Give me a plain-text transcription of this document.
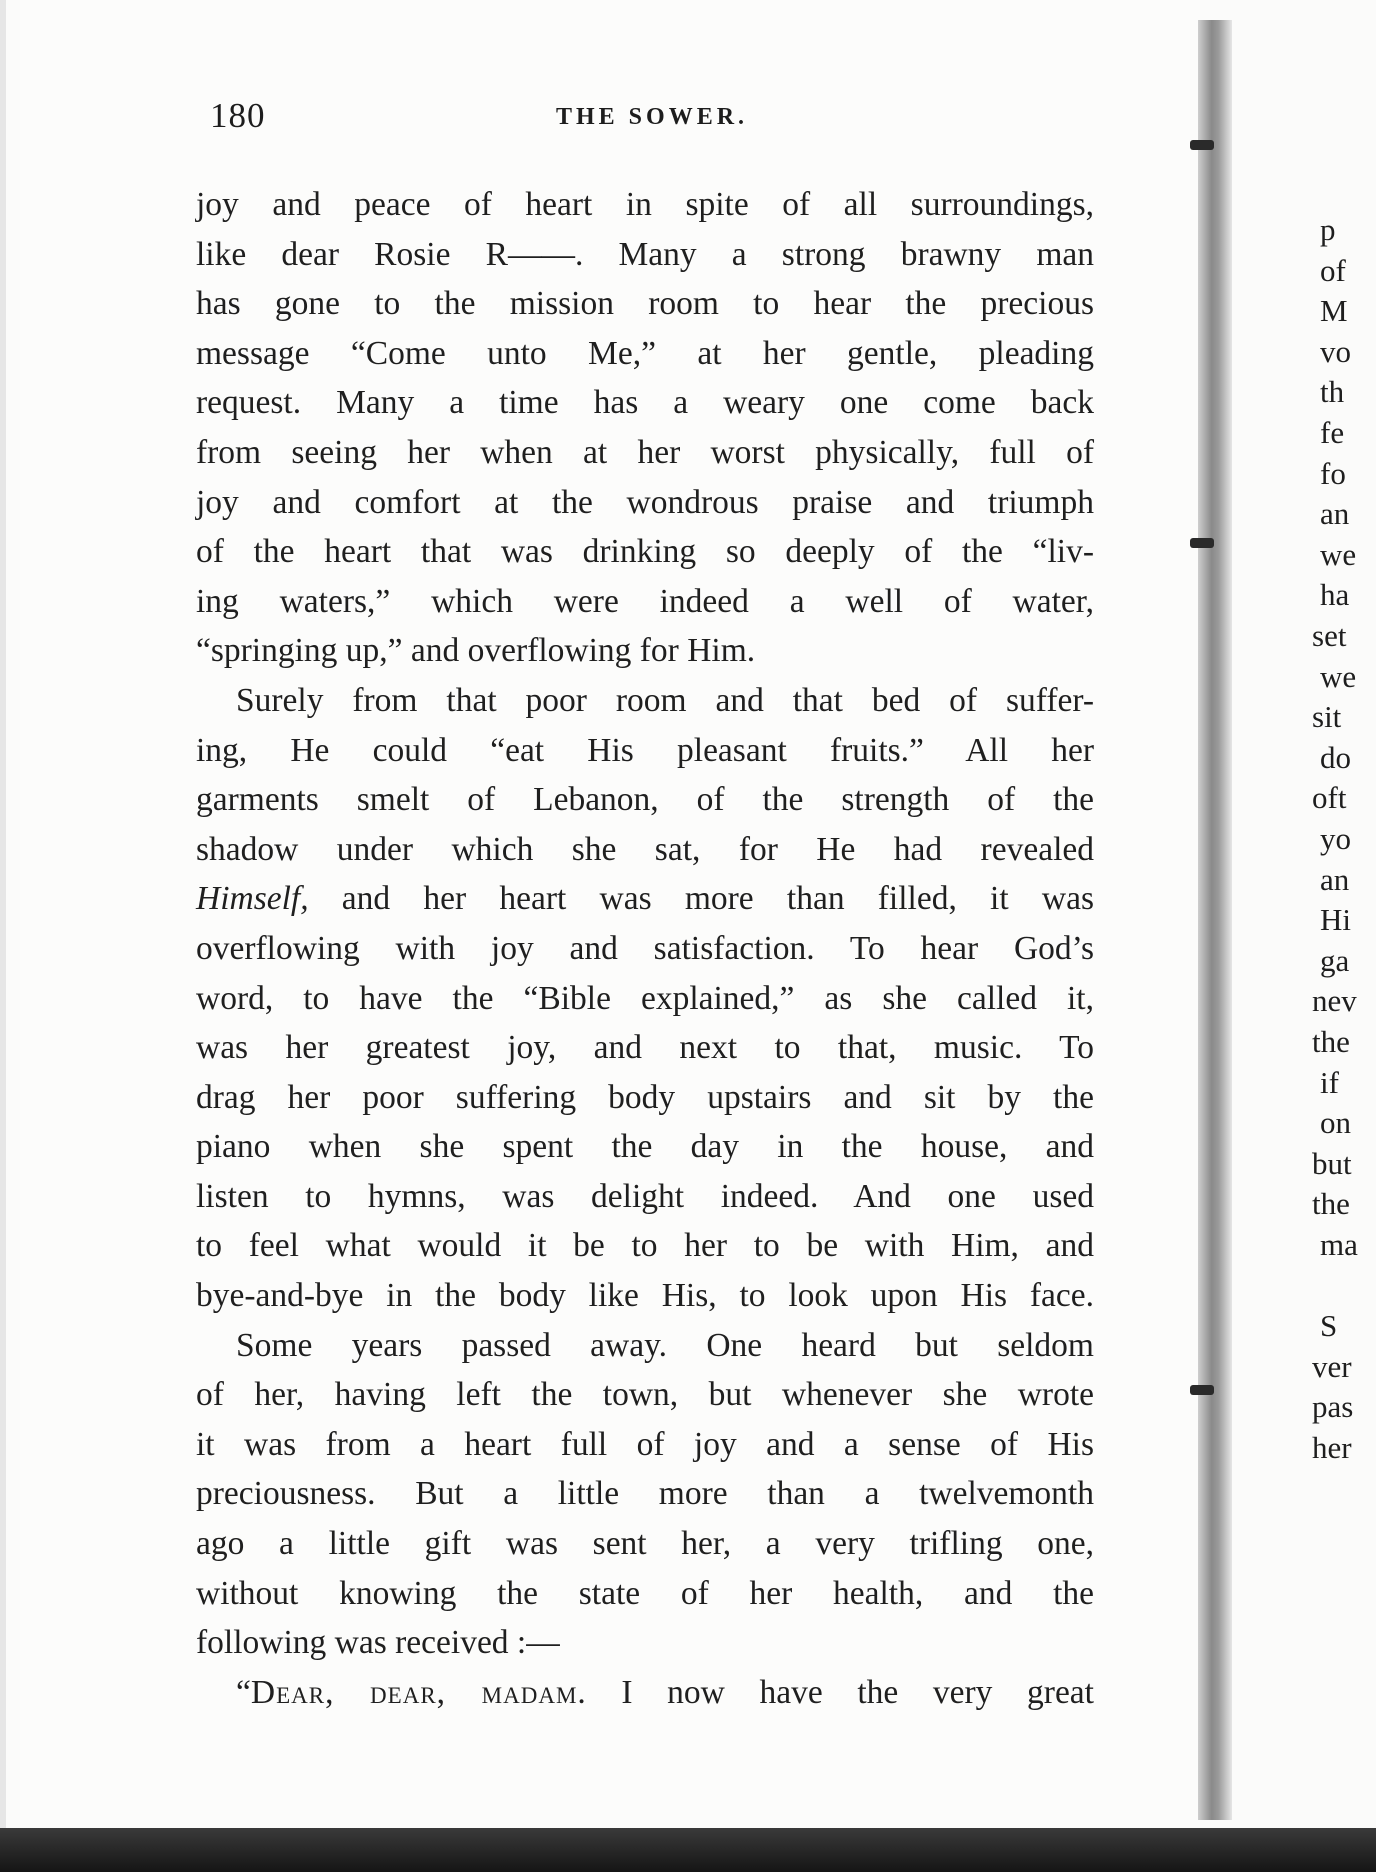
p
of
M
vo
th
fe
fo
an
we
ha
set
we
sit
do
oft
yo
an
Hi
ga
nev
the
if
on
but
the
ma
S
ver
pas
her
180	THE SOWER.
joy and peace of heart in spite of all surroundings,
like dear Rosie R——. Many a strong brawny man
has gone to the mission room to hear the precious
message “Come unto Me,” at her gentle, pleading
request. Many a time has a weary one come back
from seeing her when at her worst physically, full of
joy and comfort at the wondrous praise and triumph
of the heart that was drinking so deeply of the “liv-
ing waters,” which were indeed a well of water,
“springing up,” and overflowing for Him.
Surely from that poor room and that bed of suffer-
ing, He could “eat His pleasant fruits.” All her
garments smelt of Lebanon, of the strength of the
shadow under which she sat, for He had revealed
Himself, and her heart was more than filled, it was
overflowing with joy and satisfaction. To hear God’s
word, to have the “Bible explained,” as she called it,
was her greatest joy, and next to that, music. To
drag her poor suffering body upstairs and sit by the
piano when she spent the day in the house, and
listen to hymns, was delight indeed. And one used
to feel what would it be to her to be with Him, and
bye-and-bye in the body like His, to look upon His face.
Some years passed away. One heard but seldom
of her, having left the town, but whenever she wrote
it was from a heart full of joy and a sense of His
preciousness. But a little more than a twelvemonth
ago a little gift was sent her, a very trifling one,
without knowing the state of her health, and the
following was received :—
“Dear, dear, madam. I now have the very great
